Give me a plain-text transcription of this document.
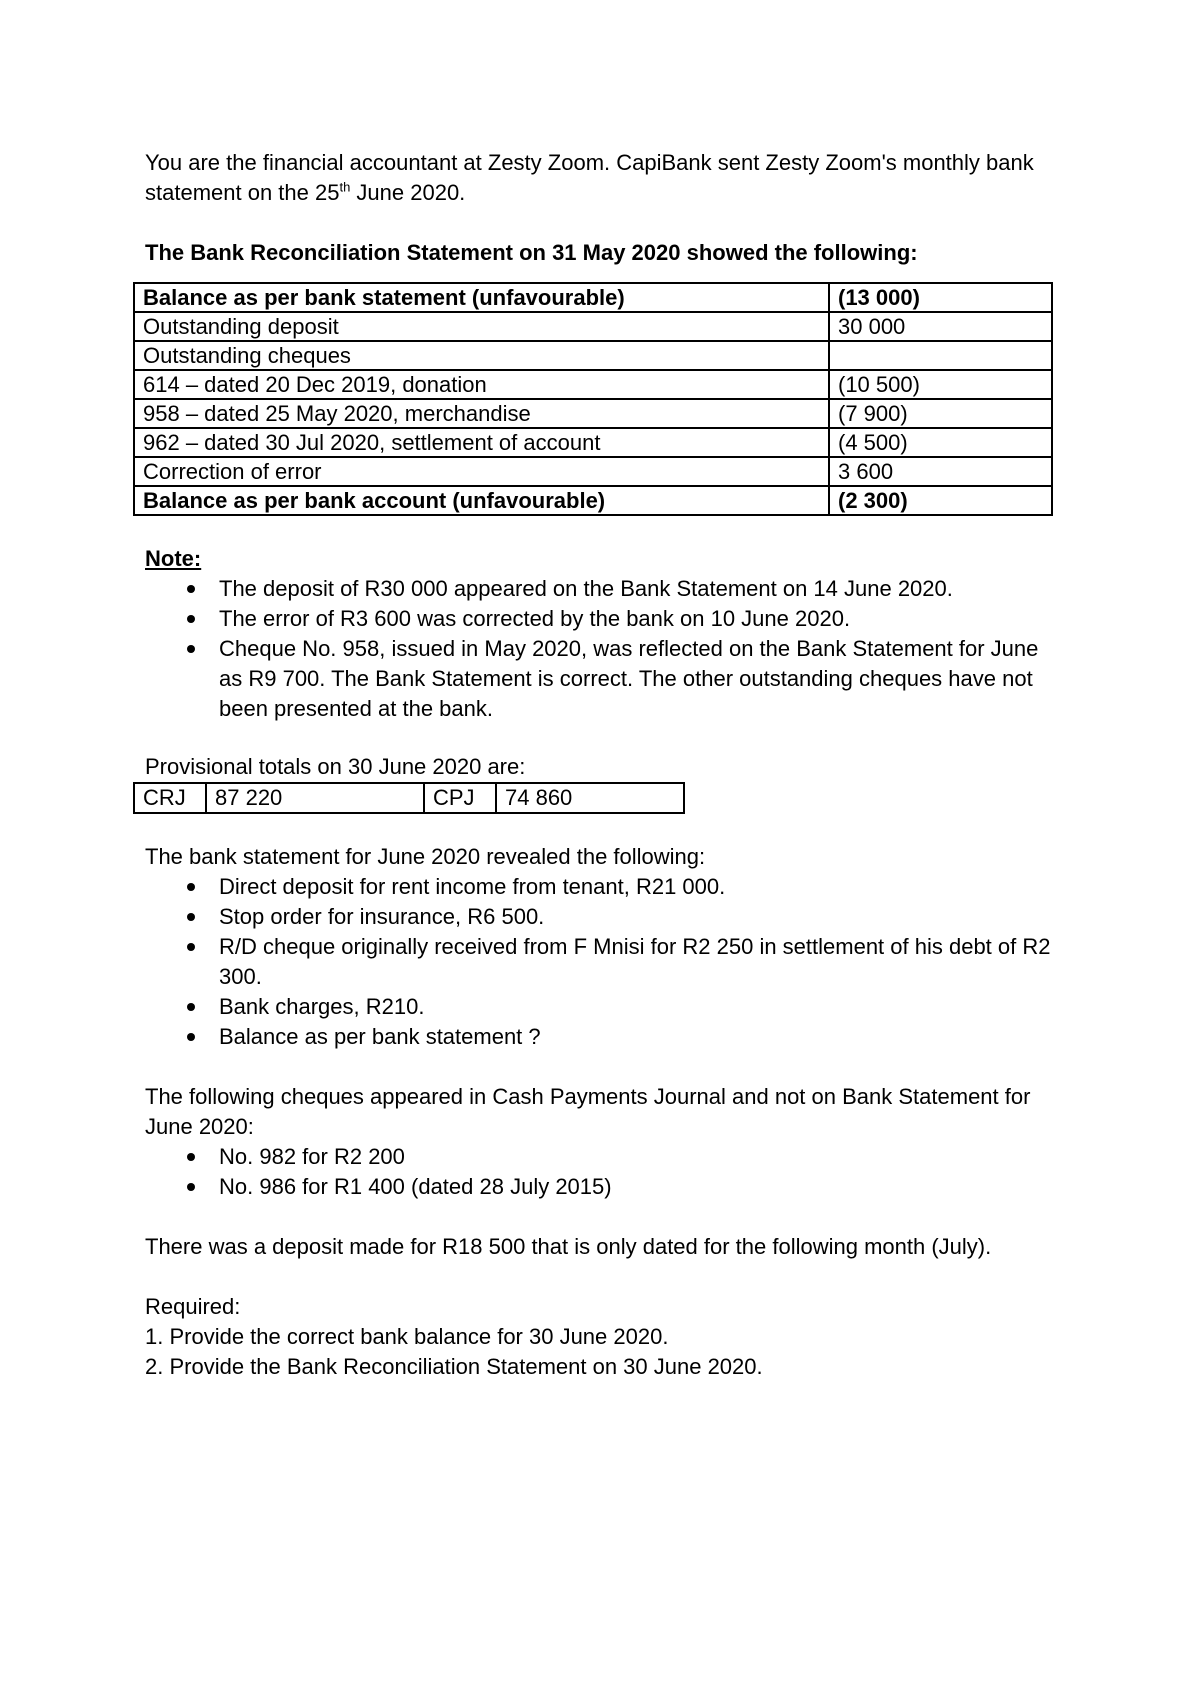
You are the financial accountant at Zesty Zoom. CapiBank sent Zesty Zoom's monthly bank

statement on the 25th June 2020.

The Bank Reconciliation Statement on 31 May 2020 showed the following:

Balance as per bank statement (unfavourable)	(13 000)
Outstanding deposit	30 000
Outstanding cheques	
614 – dated 20 Dec 2019, donation	(10 500)
958 – dated 25 May 2020, merchandise	(7 900)
962 – dated 30 Jul 2020, settlement of account	(4 500)
Correction of error	3 600
Balance as per bank account (unfavourable)	(2 300)

Note:

The deposit of R30 000 appeared on the Bank Statement on 14 June 2020.
The error of R3 600 was corrected by the bank on 10 June 2020.
Cheque No. 958, issued in May 2020, was reflected on the Bank Statement for June as R9 700. The Bank Statement is correct. The other outstanding cheques have not been presented at the bank.

Provisional totals on 30 June 2020 are:

CRJ	87 220	CPJ	74 860

The bank statement for June 2020 revealed the following:

Direct deposit for rent income from tenant, R21 000.
Stop order for insurance, R6 500.
R/D cheque originally received from F Mnisi for R2 250 in settlement of his debt of R2 300.
Bank charges, R210.
Balance as per bank statement ?

The following cheques appeared in Cash Payments Journal and not on Bank Statement for June 2020:

No. 982 for R2 200
No. 986 for R1 400 (dated 28 July 2015)

There was a deposit made for R18 500 that is only dated for the following month (July).

Required:

1. Provide the correct bank balance for 30 June 2020.

2. Provide the Bank Reconciliation Statement on 30 June 2020.
